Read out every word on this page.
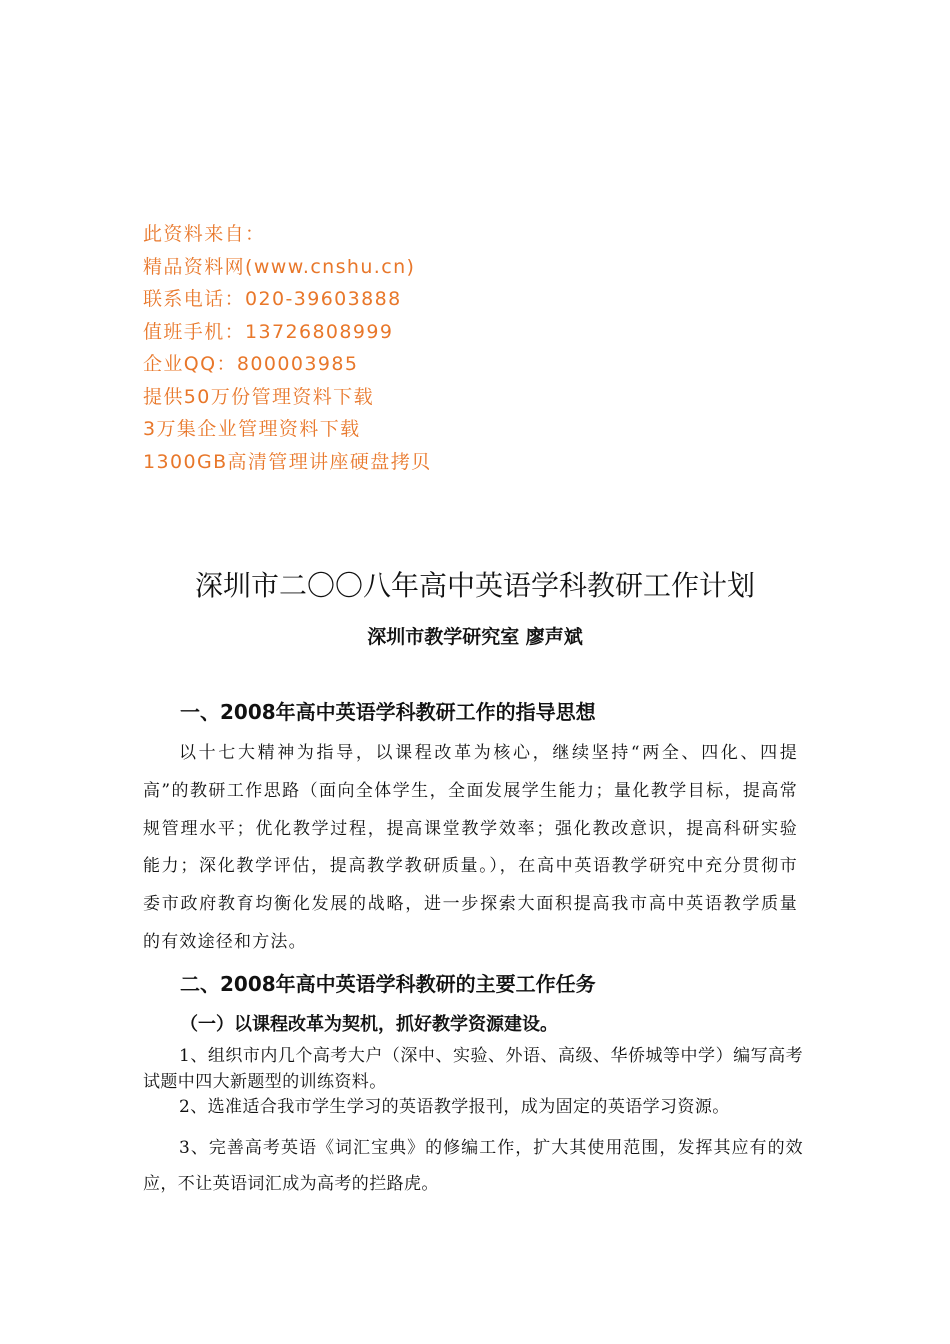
此资料来自：
精品资料网(www.cnshu.cn)
联系电话：020-39603888
值班手机：13726808999
企业QQ：800003985
提供50万份管理资料下载
3万集企业管理资料下载
1300GB高清管理讲座硬盘拷贝
深圳市二〇〇八年高中英语学科教研工作计划
深圳市教学研究室 廖声斌
一、2008年高中英语学科教研工作的指导思想

以十七大精神为指导，以课程改革为核心，继续坚持“两全、四化、四提高”的教研工作思路（面向全体学生，全面发展学生能力；量化教学目标，提高常规管理水平；优化教学过程，提高课堂教学效率；强化教改意识，提高科研实验能力；深化教学评估，提高教学教研质量。），在高中英语教学研究中充分贯彻市委市政府教育均衡化发展的战略，进一步探索大面积提高我市高中英语教学质量的有效途径和方法。

二、2008年高中英语学科教研的主要工作任务
（一）以课程改革为契机，抓好教学资源建设。

1、组织市内几个高考大户（深中、实验、外语、高级、华侨城等中学）编写高考试题中四大新题型的训练资料。

2、选准适合我市学生学习的英语教学报刊，成为固定的英语学习资源。

3、完善高考英语《词汇宝典》的修编工作，扩大其使用范围，发挥其应有的效应，不让英语词汇成为高考的拦路虎。
